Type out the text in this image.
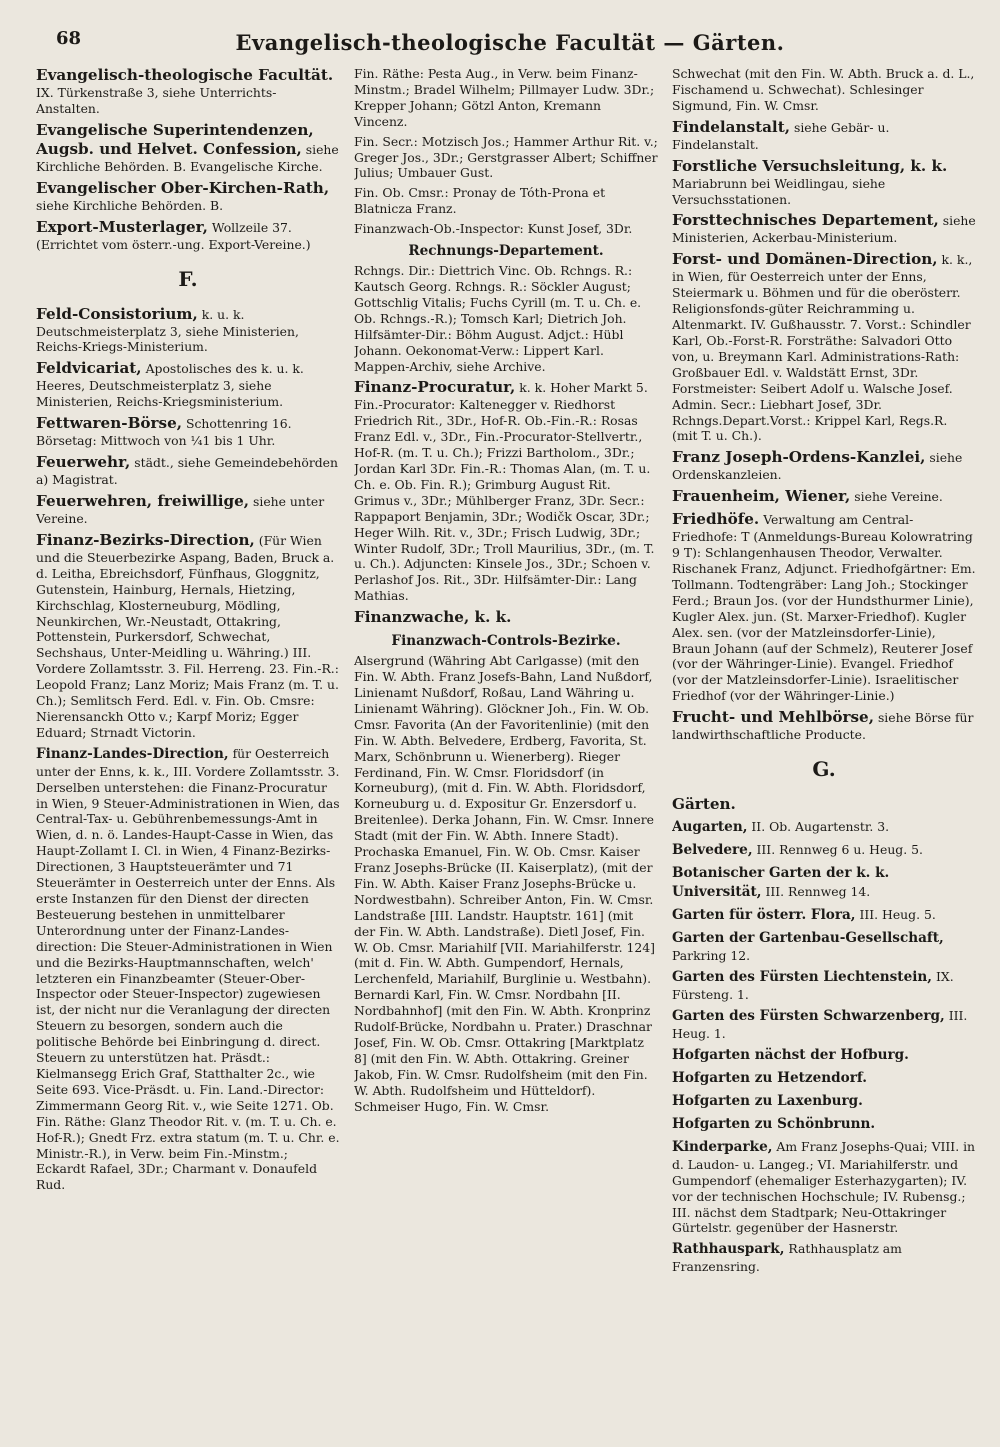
68	Evangelisch-theologische Facultät — Gärten.

Evangelisch-theologische Facultät. IX. Türkenstraße 3, siehe Unterrichts-Anstalten.

Evangelische Superintendenzen, Augsb. und Helvet. Confession, siehe Kirchliche Behörden. B. Evangelische Kirche.

Evangelischer Ober-Kirchen-Rath, siehe Kirchliche Behörden. B.

Export-Musterlager, Wollzeile 37. (Errichtet vom österr.-ung. Export-Vereine.)

F.

Feld-Consistorium, k. u. k. Deutschmeisterplatz 3, siehe Ministerien, Reichs-Kriegs-Ministerium.

Feldvicariat, Apostolisches des k. u. k. Heeres, Deutschmeisterplatz 3, siehe Ministerien, Reichs-Kriegsministerium.

Fettwaren-Börse, Schottenring 16. Börsetag: Mittwoch von ¼1 bis 1 Uhr.

Feuerwehr, städt., siehe Gemeindebehörden a) Magistrat.

Feuerwehren, freiwillige, siehe unter Vereine.

Finanz-Bezirks-Direction, (Für Wien und die Steuerbezirke Aspang, Baden, Bruck a. d. Leitha, Ebreichsdorf, Fünfhaus, Gloggnitz, Gutenstein, Hainburg, Hernals, Hietzing, Kirchschlag, Klosterneuburg, Mödling, Neunkirchen, Wr.-Neustadt, Ottakring, Pottenstein, Purkersdorf, Schwechat, Sechshaus, Unter-Meidling u. Währing.) III. Vordere Zollamtsstr. 3. Fil. Herreng. 23. Fin.-R.: Leopold Franz; Lanz Moriz; Mais Franz (m. T. u. Ch.); Semlitsch Ferd. Edl. v. Fin. Ob. Cmsre: Nierensanckh Otto v.; Karpf Moriz; Egger Eduard; Strnadt Victorin.

Finanz-Landes-Direction, für Oesterreich unter der Enns, k. k., III. Vordere Zollamtsstr. 3. Derselben unterstehen: die Finanz-Procuratur in Wien, 9 Steuer-Administrationen in Wien, das Central-Tax- u. Gebührenbemessungs-Amt in Wien, d. n. ö. Landes-Haupt-Casse in Wien, das Haupt-Zollamt I. Cl. in Wien, 4 Finanz-Bezirks-Directionen, 3 Hauptsteuerämter und 71 Steuerämter in Oesterreich unter der Enns. Als erste Instanzen für den Dienst der directen Besteuerung bestehen in unmittelbarer Unterordnung unter der Finanz-Landes-direction: Die Steuer-Administrationen in Wien und die Bezirks-Hauptmannschaften, welch' letzteren ein Finanzbeamter (Steuer-Ober-Inspector oder Steuer-Inspector) zugewiesen ist, der nicht nur die Veranlagung der directen Steuern zu besorgen, sondern auch die politische Behörde bei Einbringung d. direct. Steuern zu unterstützen hat. Präsdt.: Kielmansegg Erich Graf, Statthalter 2c., wie Seite 693. Vice-Präsdt. u. Fin. Land.-Director: Zimmermann Georg Rit. v., wie Seite 1271. Ob. Fin. Räthe: Glanz Theodor Rit. v. (m. T. u. Ch. e. Hof-R.); Gnedt Frz. extra statum (m. T. u. Chr. e. Ministr.-R.), in Verw. beim Fin.-Minstm.; Eckardt Rafael, 3Dr.; Charmant v. Donaufeld Rud.

Fin. Räthe: Pesta Aug., in Verw. beim Finanz-Minstm.; Bradel Wilhelm; Pillmayer Ludw. 3Dr.; Krepper Johann; Götzl Anton, Kremann Vincenz.

Fin. Secr.: Motzisch Jos.; Hammer Arthur Rit. v.; Greger Jos., 3Dr.; Gerstgrasser Albert; Schiffner Julius; Umbauer Gust.

Fin. Ob. Cmsr.: Pronay de Tóth-Prona et Blatnicza Franz.

Finanzwach-Ob.-Inspector: Kunst Josef, 3Dr.

Rechnungs-Departement.

Rchngs. Dir.: Diettrich Vinc. Ob. Rchngs. R.: Kautsch Georg. Rchngs. R.: Söckler August; Gottschlig Vitalis; Fuchs Cyrill (m. T. u. Ch. e. Ob. Rchngs.-R.); Tomsch Karl; Dietrich Joh. Hilfsämter-Dir.: Böhm August. Adjct.: Hübl Johann. Oekonomat-Verw.: Lippert Karl. Mappen-Archiv, siehe Archive.

Finanz-Procuratur, k. k. Hoher Markt 5. Fin.-Procurator: Kaltenegger v. Riedhorst Friedrich Rit., 3Dr., Hof-R. Ob.-Fin.-R.: Rosas Franz Edl. v., 3Dr., Fin.-Procurator-Stellvertr., Hof-R. (m. T. u. Ch.); Frizzi Bartholom., 3Dr.; Jordan Karl 3Dr. Fin.-R.: Thomas Alan, (m. T. u. Ch. e. Ob. Fin. R.); Grimburg August Rit. Grimus v., 3Dr.; Mühlberger Franz, 3Dr. Secr.: Rappaport Benjamin, 3Dr.; Wodičk Oscar, 3Dr.; Heger Wilh. Rit. v., 3Dr.; Frisch Ludwig, 3Dr.; Winter Rudolf, 3Dr.; Troll Maurilius, 3Dr., (m. T. u. Ch.). Adjuncten: Kinsele Jos., 3Dr.; Schoen v. Perlashof Jos. Rit., 3Dr. Hilfsämter-Dir.: Lang Mathias.

Finanzwache, k. k.

Finanzwach-Controls-Bezirke.

Alsergrund (Währing Abt Carlgasse) (mit den Fin. W. Abth. Franz Josefs-Bahn, Land Nußdorf, Linienamt Nußdorf, Roßau, Land Währing u. Linienamt Währing). Glöckner Joh., Fin. W. Ob. Cmsr. Favorita (An der Favoritenlinie) (mit den Fin. W. Abth. Belvedere, Erdberg, Favorita, St. Marx, Schönbrunn u. Wienerberg). Rieger Ferdinand, Fin. W. Cmsr. Floridsdorf (in Korneuburg), (mit d. Fin. W. Abth. Floridsdorf, Korneuburg u. d. Expositur Gr. Enzersdorf u. Breitenlee). Derka Johann, Fin. W. Cmsr. Innere Stadt (mit der Fin. W. Abth. Innere Stadt). Prochaska Emanuel, Fin. W. Ob. Cmsr. Kaiser Franz Josephs-Brücke (II. Kaiserplatz), (mit der Fin. W. Abth. Kaiser Franz Josephs-Brücke u. Nordwestbahn). Schreiber Anton, Fin. W. Cmsr. Landstraße [III. Landstr. Hauptstr. 161] (mit der Fin. W. Abth. Landstraße). Dietl Josef, Fin. W. Ob. Cmsr. Mariahilf [VII. Mariahilferstr. 124] (mit d. Fin. W. Abth. Gumpendorf, Hernals, Lerchenfeld, Mariahilf, Burglinie u. Westbahn). Bernardi Karl, Fin. W. Cmsr. Nordbahn [II. Nordbahnhof] (mit den Fin. W. Abth. Kronprinz Rudolf-Brücke, Nordbahn u. Prater.) Draschnar Josef, Fin. W. Ob. Cmsr. Ottakring [Marktplatz 8] (mit den Fin. W. Abth. Ottakring. Greiner Jakob, Fin. W. Cmsr. Rudolfsheim (mit den Fin. W. Abth. Rudolfsheim und Hütteldorf). Schmeiser Hugo, Fin. W. Cmsr.

Schwechat (mit den Fin. W. Abth. Bruck a. d. L., Fischamend u. Schwechat). Schlesinger Sigmund, Fin. W. Cmsr.

Findelanstalt, siehe Gebär- u. Findelanstalt.

Forstliche Versuchsleitung, k. k. Mariabrunn bei Weidlingau, siehe Versuchsstationen.

Forsttechnisches Departement, siehe Ministerien, Ackerbau-Ministerium.

Forst- und Domänen-Direction, k. k., in Wien, für Oesterreich unter der Enns, Steiermark u. Böhmen und für die oberösterr. Religionsfonds-güter Reichramming u. Altenmarkt. IV. Gußhausstr. 7. Vorst.: Schindler Karl, Ob.-Forst-R. Forsträthe: Salvadori Otto von, u. Breymann Karl. Administrations-Rath: Großbauer Edl. v. Waldstätt Ernst, 3Dr. Forstmeister: Seibert Adolf u. Walsche Josef. Admin. Secr.: Liebhart Josef, 3Dr. Rchngs.Depart.Vorst.: Krippel Karl, Regs.R. (mit T. u. Ch.).

Franz Joseph-Ordens-Kanzlei, siehe Ordenskanzleien.

Frauenheim, Wiener, siehe Vereine.

Friedhöfe. Verwaltung am Central-Friedhofe: T (Anmeldungs-Bureau Kolowratring 9 T): Schlangenhausen Theodor, Verwalter. Rischanek Franz, Adjunct. Friedhofgärtner: Em. Tollmann. Todtengräber: Lang Joh.; Stockinger Ferd.; Braun Jos. (vor der Hundsthurmer Linie), Kugler Alex. jun. (St. Marxer-Friedhof). Kugler Alex. sen. (vor der Matzleinsdorfer-Linie), Braun Johann (auf der Schmelz), Reuterer Josef (vor der Währinger-Linie). Evangel. Friedhof (vor der Matzleinsdorfer-Linie). Israelitischer Friedhof (vor der Währinger-Linie.)

Frucht- und Mehlbörse, siehe Börse für landwirthschaftliche Producte.

G.

Gärten.

Augarten, II. Ob. Augartenstr. 3.

Belvedere, III. Rennweg 6 u. Heug. 5.

Botanischer Garten der k. k. Universität, III. Rennweg 14.

Garten für österr. Flora, III. Heug. 5.

Garten der Gartenbau-Gesellschaft, Parkring 12.

Garten des Fürsten Liechtenstein, IX. Fürsteng. 1.

Garten des Fürsten Schwarzenberg, III. Heug. 1.

Hofgarten nächst der Hofburg.

Hofgarten zu Hetzendorf.

Hofgarten zu Laxenburg.

Hofgarten zu Schönbrunn.

Kinderparke, Am Franz Josephs-Quai; VIII. in d. Laudon- u. Langeg.; VI. Mariahilferstr. und Gumpendorf (ehemaliger Esterhazygarten); IV. vor der technischen Hochschule; IV. Rubensg.; III. nächst dem Stadtpark; Neu-Ottakringer Gürtelstr. gegenüber der Hasnerstr.

Rathhauspark, Rathhausplatz am Franzensring.
